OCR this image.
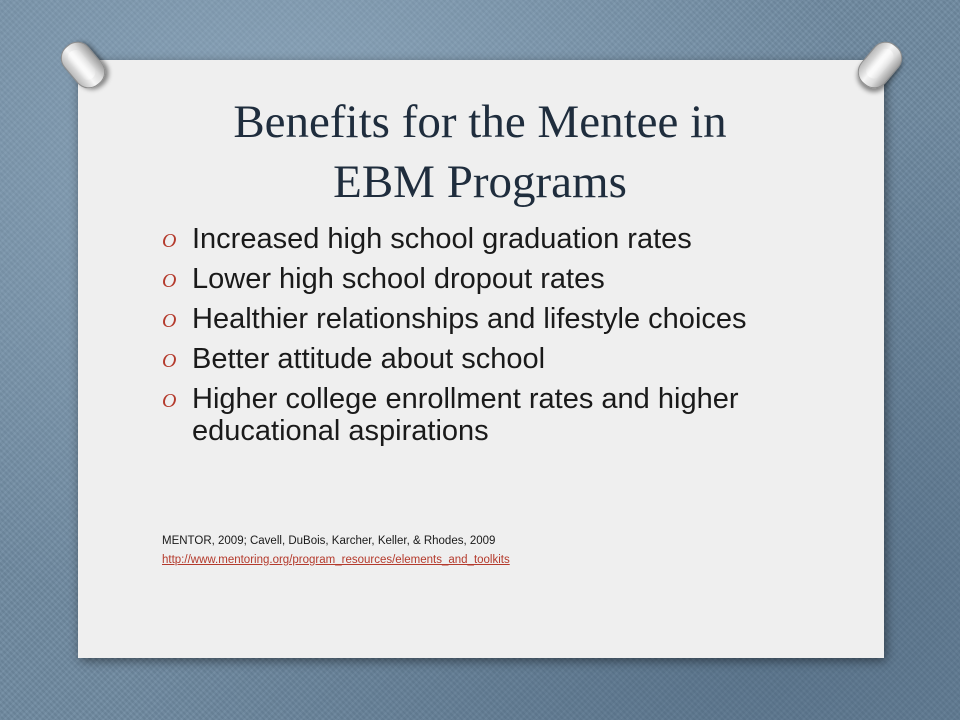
Benefits for the Mentee in
EBM Programs
O Increased high school graduation rates
O Lower high school dropout rates
O Healthier relationships and lifestyle choices
O Better attitude about school
O Higher college enrollment rates and higher educational aspirations

MENTOR, 2009; Cavell, DuBois, Karcher, Keller, & Rhodes, 2009

http://www.mentoring.org/program_resources/elements_and_toolkits
